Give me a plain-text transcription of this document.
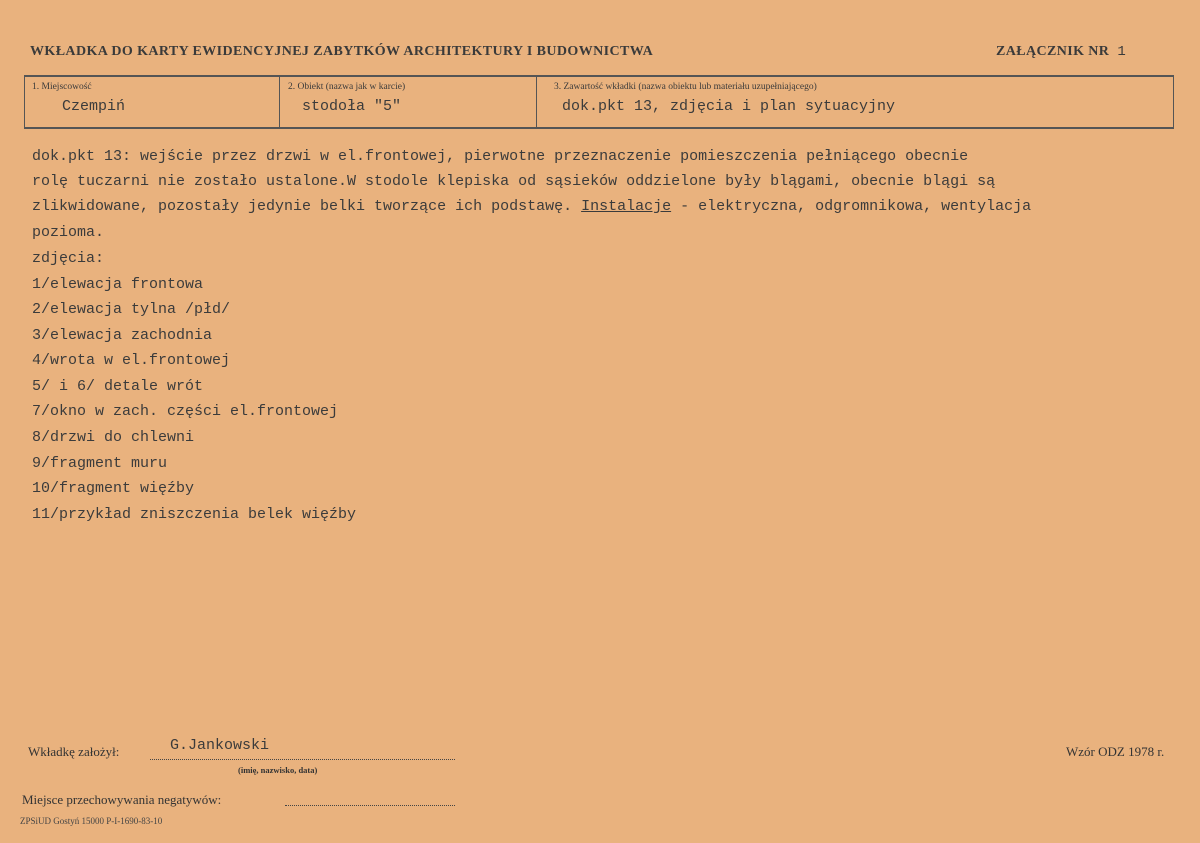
WKŁADKA DO KARTY EWIDENCYJNEJ ZABYTKÓW ARCHITEKTURY I BUDOWNICTWA	ZAŁĄCZNIK NR 1
1. Miejscowość
Czempiń
2. Obiekt (nazwa jak w karcie)
stodoła "5"
3. Zawartość wkładki (nazwa obiektu lub materiału uzupełniającego)
dok.pkt 13, zdjęcia i plan sytuacyjny
dok.pkt 13: wejście przez drzwi w el.frontowej, pierwotne przeznaczenie pomieszczenia pełniącego obecnie
rolę tuczarni nie zostało ustalone.W stodole klepiska od sąsieków oddzielone były blągami, obecnie blągi są
zlikwidowane, pozostały jedynie belki tworzące ich podstawę. Instalacje - elektryczna, odgromnikowa, wentylacja
pozioma.
zdjęcia:
1/elewacja frontowa
2/elewacja tylna /płd/
3/elewacja zachodnia
4/wrota w el.frontowej
5/ i 6/ detale wrót
7/okno w zach. części el.frontowej
8/drzwi do chlewni
9/fragment muru
10/fragment więźby
11/przykład zniszczenia belek więźby
Wkładkę założył:	G.Jankowski
(imię, nazwisko, data)
Wzór ODZ 1978 r.
Miejsce przechowywania negatywów:
ZPSiUD Gostyń 15000 P-I-1690-83-10
